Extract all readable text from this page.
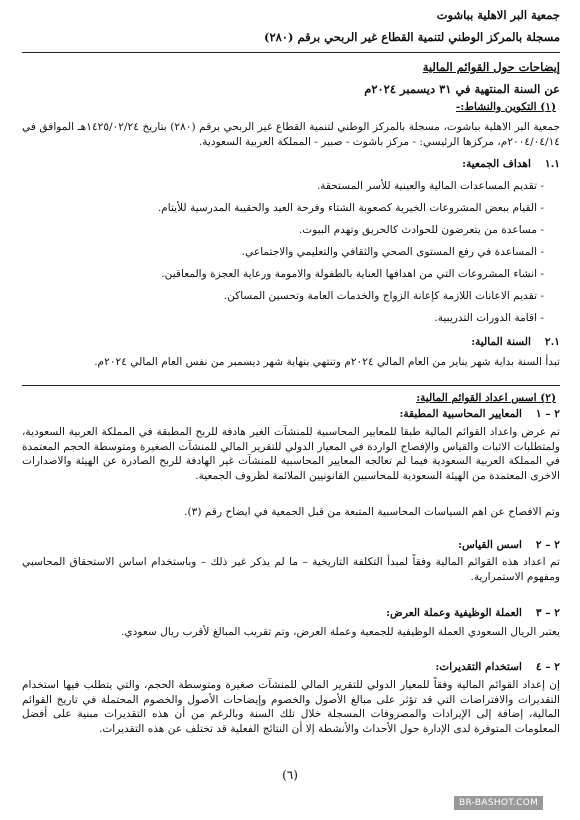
جمعية البر الاهلية بباشوت
مسجلة بالمركز الوطني لتنمية القطاع غير الربحي برقم (٢٨٠)
إيضاحات حول القوائم المالية
عن السنة المنتهية في ٣١ ديسمبر ٢٠٢٤م
(١) التكوين والنشاط:-
جمعية البر الاهلية بباشوت، مسجلة بالمركز الوطني لتنمية القطاع غير الربحي برقم (٢٨٠) بتاريخ ١٤٢٥/٠٢/٢٤هـ الموافق في ٢٠٠٤/٠٤/١٤م، مركزها الرئيسي: - مركز باشوت - صبير - المملكة العربية السعودية.
١.١اهداف الجمعية:
- تقديم المساعدات المالية والعينية للأسر المستحقة.
- القيام ببعض المشروعات الخيرية كصعوبة الشتاء وفرحة العيد والحقيبة المدرسية للأيتام.
- مساعدة من يتعرضون للحوادث كالحريق وتهدم البيوت.
- المساعدة في رفع المستوى الصحي والثقافي والتعليمي والاجتماعي.
- انشاء المشروعات التي من اهدافها العناية بالطفولة والامومة ورعاية العجزة والمعاقين.
- تقديم الاعانات اللازمة كإعانة الزواج والخدمات العامة وتحسين المساكن.
- اقامة الدورات التدريبية.
٢.١السنة المالية:
تبدأ السنة بداية شهر يناير من العام المالي ٢٠٢٤م وتنتهي بنهاية شهر ديسمبر من نفس العام المالي ٢٠٢٤م.
(٢) اسس اعداد القوائم المالية:
٢ – ١المعايير المحاسبية المطبقة:
تم عرض واعداد القوائم المالية طبقا للمعايير المحاسبية للمنشآت الغير هادفة للربح المطبقة في المملكة العربية السعودية، ولمتطلبات الاثبات والقياس والإفصاح الواردة في المعيار الدولي للتقرير المالي للمنشآت الصغيرة ومتوسطة الحجم المعتمدة في المملكة العربية السعودية فيما لم تعالجه المعايير المحاسبية للمنشآت غير الهادفة للربح الصادرة عن الهيئة والاصدارات الاخرى المعتمدة من الهيئة السعودية للمحاسبين القانونيين الملائمة لظروف الجمعية.
وتم الافصاح عن اهم السياسات المحاسبية المتبعة من قبل الجمعية في ايضاح رقم (٣).
٢ – ٢اسس القياس:
تم اعداد هذه القوائم المالية وفقاً لمبدأ التكلفة التاريخية – ما لم يذكر غير ذلك – وباستخدام اساس الاستحقاق المحاسبي ومفهوم الاستمرارية.
٢ – ٣العملة الوظيفية وعملة العرض:
يعتبر الريال السعودي العملة الوظيفية للجمعية وعملة العرض، وتم تقريب المبالغ لأقرب ريال سعودي.
٢ – ٤استخدام التقديرات:
إن إعداد القوائم المالية وفقاً للمعيار الدولي للتقرير المالي للمنشآت صغيرة ومتوسطة الحجم، والتي يتطلب فيها استخدام التقديرات والافتراضات التي قد تؤثر على مبالغ الأصول والخصوم وإيضاحات الأصول والخصوم المحتملة في تاريخ القوائم المالية، إضافة إلى الإيرادات والمصروفات المسجلة خلال تلك السنة وبالرغم من أن هذه التقديرات مبنية على أفضل المعلومات المتوفرة لدى الإدارة حول الأحداث والأنشطة إلا أن النتائج الفعلية قد تختلف عن هذه التقديرات.
(٦)
BR-BASHOT.COM
